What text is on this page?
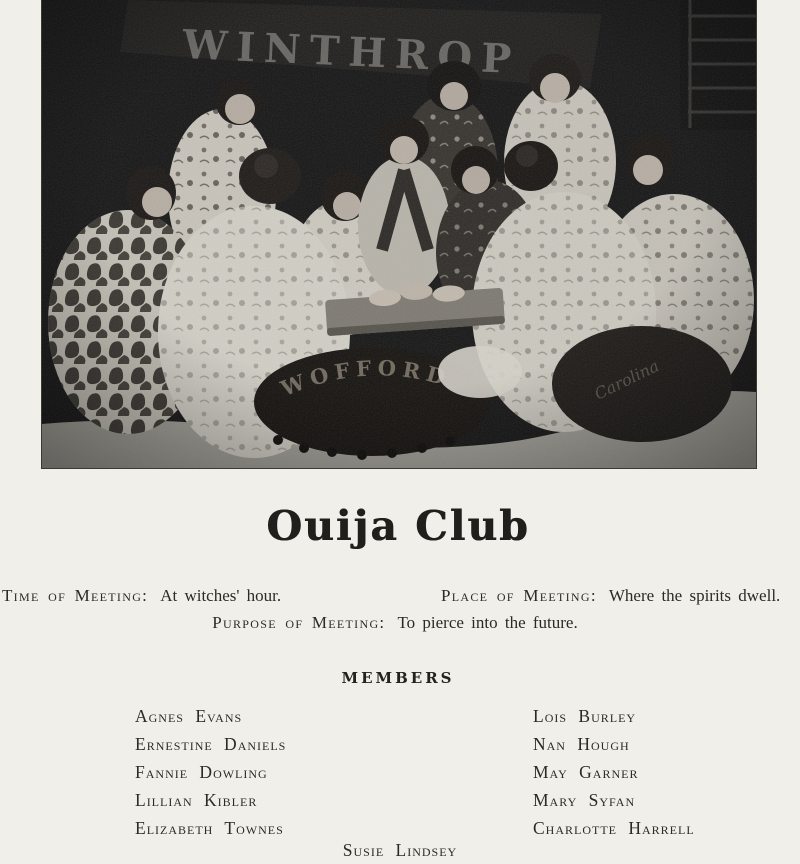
Ouija Club
Time of Meeting: At witches' hour.	Place of Meeting: Where the spirits dwell.
Purpose of Meeting: To pierce into the future.
MEMBERS
Agnes Evans
Ernestine Daniels
Fannie Dowling
Lillian Kibler
Elizabeth Townes
Lois Burley
Nan Hough
May Garner
Mary Syfan
Charlotte Harrell
Susie Lindsey
